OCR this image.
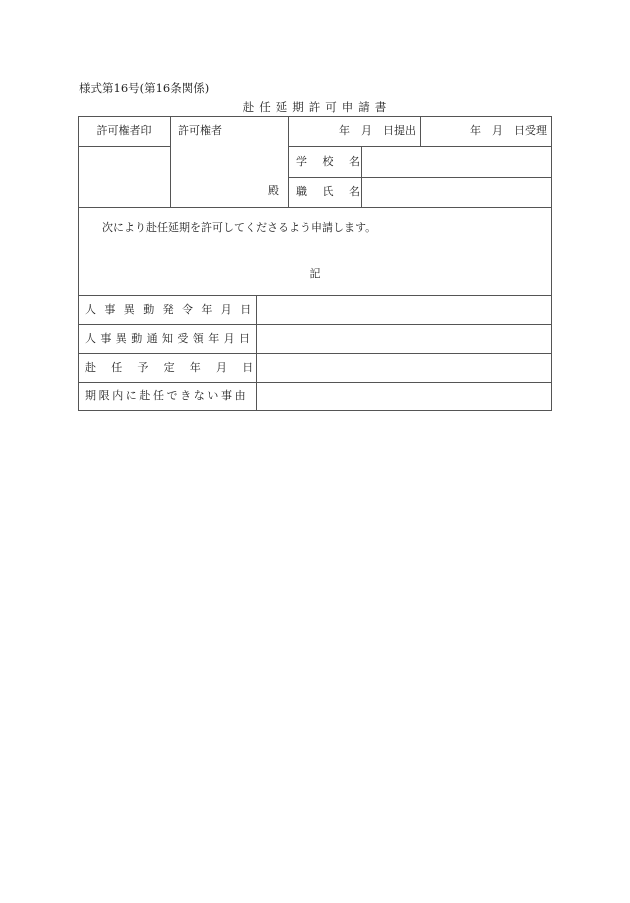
様式第16号(第16条関係)
赴任延期許可申請書
許可権者印	許可権者
殿
年　月　日提出	年　月　日受理
学 校 名
職 氏 名
次により赴任延期を許可してくださるよう申請します。
記
人事異動発令年月日
人事異動通知受領年月日
赴任予定年月日
期限内に赴任できない事由
